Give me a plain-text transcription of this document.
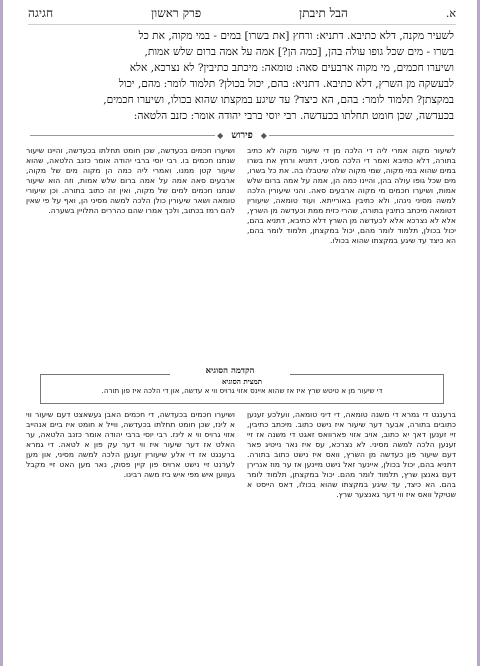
א.
הבל תיבתן
פרק ראשון
חגיגה
לשעיר מקנה, דלא כתיבא. דתניא: ורחץ [את בשרו] במים - במי מקוה, את כל
בשרו - מים שכל גופו עולה בהן, [כמה הן?] אמה על אמה ברום שלש אמות,
ושיערו חכמים, מי מקוה ארבעים סאה: טומאה: מיכתב כתיבין? לא נצרכא, אלא
לבעשקה מן השרץ, דלא כתיבא. דתניא: בהם, יכול בכולן? תלמוד לומר: מהם, יכול
במקצתן? תלמוד לומר: בהם, הא כיצד? עד שיגע במקצתו שהוא בכולו, ושיערו חכמים,
בכעדשה, שכן חומט תחלתו בכעדשה. רבי יוסי ברבי יהודה אומר: כזנב הלטאה:
◆
פירוש
◆
לשיעור מקוה אמרי ליה די הלכה מן די שיעור מקוה לא כתיב בתורה, דלא כתיבא ואמר די הלכה מסיני, דתניא ורחץ את בשרו במים שהוא במי מקוה, שמי מקוה שלה שיטבלו בה. את כל בשרו, מים שכל גופו עולה בהן, והיינו כמה הן, אמה על אמה ברום שלש אמות, ושיערו חכמים מי מקוה ארבעים סאה. והני שיעורין הלכה למשה מסיני נינהו, ולא כתיבין באורייתא. ועוד טומאה, שיעורין דטומאה מיכתב כתיבין בתורה, שהרי כזית ממת וכעדשה מן השרץ, אלא לא נצרכא אלא לכעדשה מן השרץ דלא כתיבא, דתניא בהם, יכול בכולן, תלמוד לומר מהם, יכול במקצתן, תלמוד לומר בהם, הא כיצד עד שיגע במקצתו שהוא בכולו.
ושיערו חכמים בכעדשה, שכן חומט תחלתו בכעדשה, והיינו שיעור שנתנו חכמים בו. רבי יוסי ברבי יהודה אומר כזנב הלטאה, שהוא שיעור קטן ממנו. ואמרי ליה כמה הן מקוה מים של מקוה, ארבעים סאה אמה על אמה ברום שלש אמות, וזה הוא שיעור שנתנו חכמים למים של מקוה, ואין זה כתוב בתורה. וכן שיעורי טומאה ושאר שיעורין כולן הלכה למשה מסיני הן, ואף על פי שאין להם רמז בכתוב, ולכך אמרו שהם כהררים התלויין בשערה.
תמצית הסוגיא
די שיעור מן א טיטש שרץ איז אז שהוא איינס אזוי גרויס ווי א עדשה, און די הלכה איז פון תורה.
הקדמה הסוגיא
ברענגט די גמרא די משנה טומאה, די דיני טומאה, וועלכע זענען כתובים בתורה, אבער דער שיעור איז נישט כתוב. מיכתב כתיבין, זיי זענען דאך יא כתוב, אויב אזוי פארוואס זאגט די משנה אז זיי זענען הלכה למשה מסיני. לא נצרכא, עס איז נאר נייטיג פאר דעם שיעור פון כעדשה מן השרץ, וואס איז נישט כתוב בתורה. דתניא בהם, יכול בכולן, איינער זאל נישט מיינען אז ער מוז אנרירן דעם גאנצן שרץ, תלמוד לומר מהם. יכול במקצתן, תלמוד לומר בהם. הא כיצד, עד שיגע במקצתו שהוא בכולו, דאס הייסט א שטיקל וואס איז ווי דער גאנצער שרץ.
ושיערו חכמים בכעדשה, די חכמים האבן געשאצט דעם שיעור ווי א לינז, שכן חומט תחלתו בכעדשה, ווייל א חומט איז ביים אנהייב אזוי גרויס ווי א לינז. רבי יוסי ברבי יהודה אומר כזנב הלטאה, ער האלט אז דער שיעור איז ווי דער עק פון א לטאה. די גמרא ברענגט אז די אלע שיעורין זענען הלכה למשה מסיני, און מען לערנט זיי נישט ארויס פון קיין פסוק, נאר מען האט זיי מקבל געווען איש מפי איש ביז משה רבינו.
